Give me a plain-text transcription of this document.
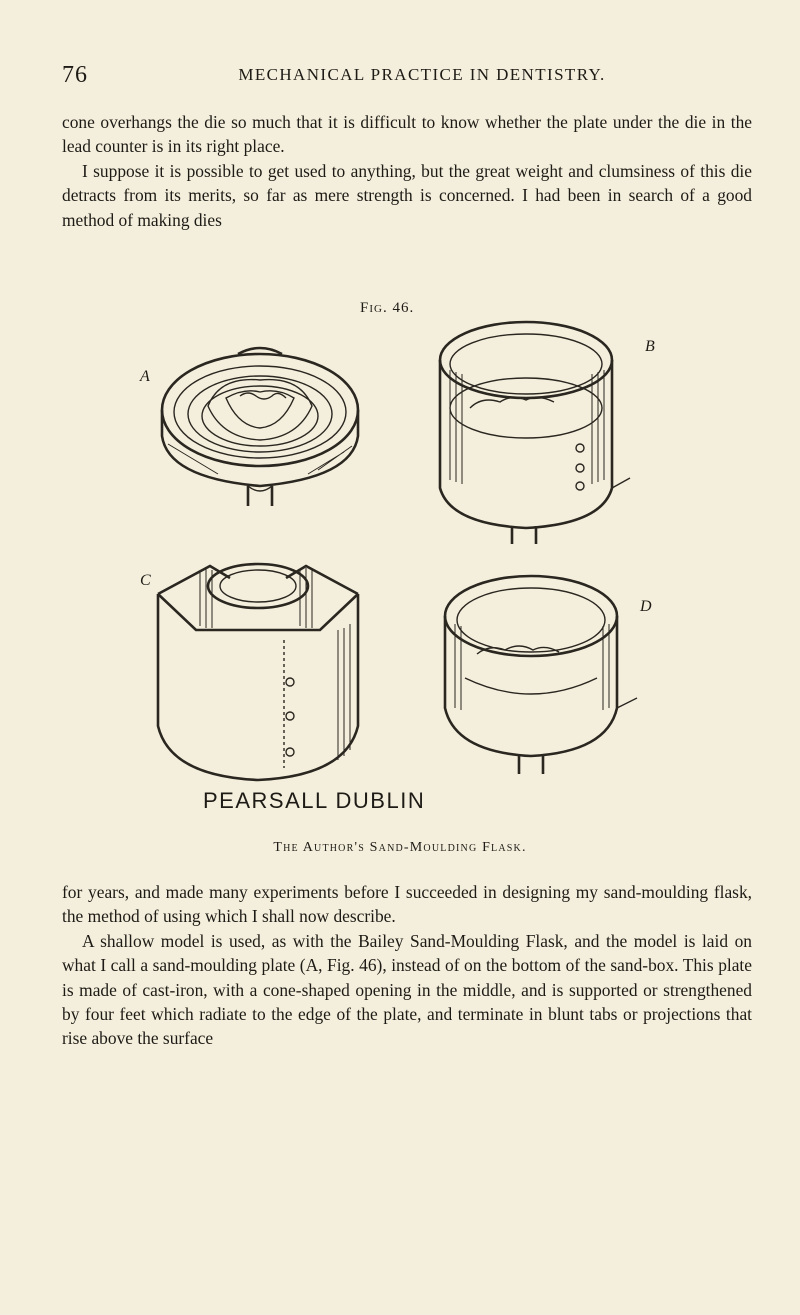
76	MECHANICAL PRACTICE IN DENTISTRY.
cone overhangs the die so much that it is difficult to know whether the plate under the die in the lead counter is in its right place.
I suppose it is possible to get used to anything, but the great weight and clumsiness of this die detracts from its merits, so far as mere strength is concerned. I had been in search of a good method of making dies
Fig. 46.
A
B
C
D
PEARSALL DUBLIN
The Author's Sand-Moulding Flask.
for years, and made many experiments before I succeeded in designing my sand-moulding flask, the method of using which I shall now describe.
A shallow model is used, as with the Bailey Sand-Moulding Flask, and the model is laid on what I call a sand-moulding plate (A, Fig. 46), instead of on the bottom of the sand-box. This plate is made of cast-iron, with a cone-shaped opening in the middle, and is supported or strengthened by four feet which radiate to the edge of the plate, and terminate in blunt tabs or projections that rise above the surface
